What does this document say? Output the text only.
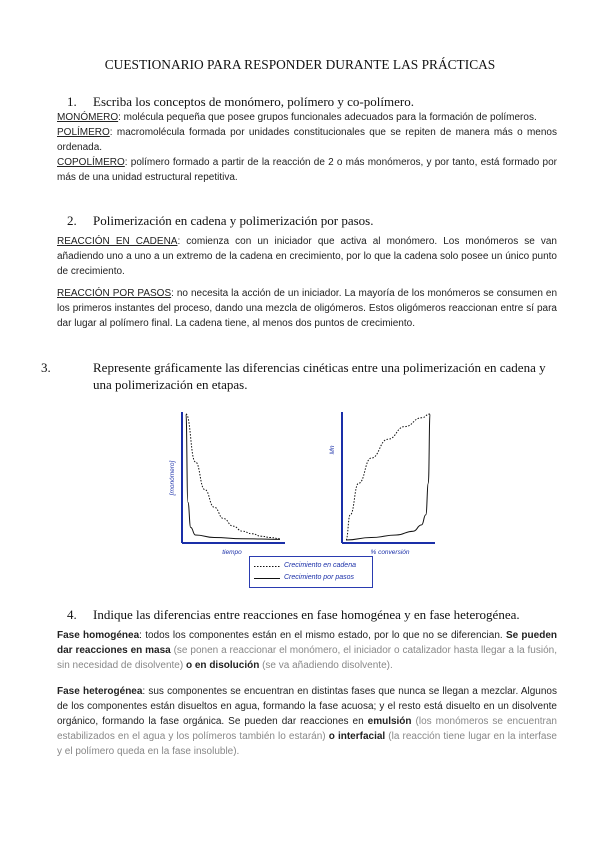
CUESTIONARIO PARA RESPONDER DURANTE LAS PRÁCTICAS
1. Escriba los conceptos de monómero, polímero y co-polímero.

MONÓMERO: molécula pequeña que posee grupos funcionales adecuados para la formación de polímeros.

POLÍMERO: macromolécula formada por unidades constitucionales que se repiten de manera más o menos ordenada.

COPOLÍMERO: polímero formado a partir de la reacción de 2 o más monómeros, y por tanto, está formado por más de una unidad estructural repetitiva.

2. Polimerización en cadena y polimerización por pasos.

REACCIÓN EN CADENA: comienza con un iniciador que activa al monómero. Los monómeros se van añadiendo uno a uno a un extremo de la cadena en crecimiento, por lo que la cadena solo posee un único punto de crecimiento.

REACCIÓN POR PASOS: no necesita la acción de un iniciador. La mayoría de los monómeros se consumen en los primeros instantes del proceso, dando una mezcla de oligómeros. Estos oligómeros reaccionan entre sí para dar lugar al polímero final. La cadena tiene, al menos dos puntos de crecimiento.

3.	Represente gráficamente las diferencias cinéticas entre una polimerización en cadena y una polimerización en etapas.
[monómero]
tiempo
Mn
% conversión
Crecimiento en cadena
Crecimiento por pasos
4. Indique las diferencias entre reacciones en fase homogénea y en fase heterogénea.

Fase homogénea: todos los componentes están en el mismo estado, por lo que no se diferencian. Se pueden dar reacciones en masa (se ponen a reaccionar el monómero, el iniciador o catalizador hasta llegar a la fusión, sin necesidad de disolvente) o en disolución (se va añadiendo disolvente).

Fase heterogénea: sus componentes se encuentran en distintas fases que nunca se llegan a mezclar. Algunos de los componentes están disueltos en agua, formando la fase acuosa; y el resto está disuelto en un disolvente orgánico, formando la fase orgánica. Se pueden dar reacciones en emulsión (los monómeros se encuentran estabilizados en el agua y los polímeros también lo estarán) o interfacial (la reacción tiene lugar en la interfase y el polímero queda en la fase insoluble).
